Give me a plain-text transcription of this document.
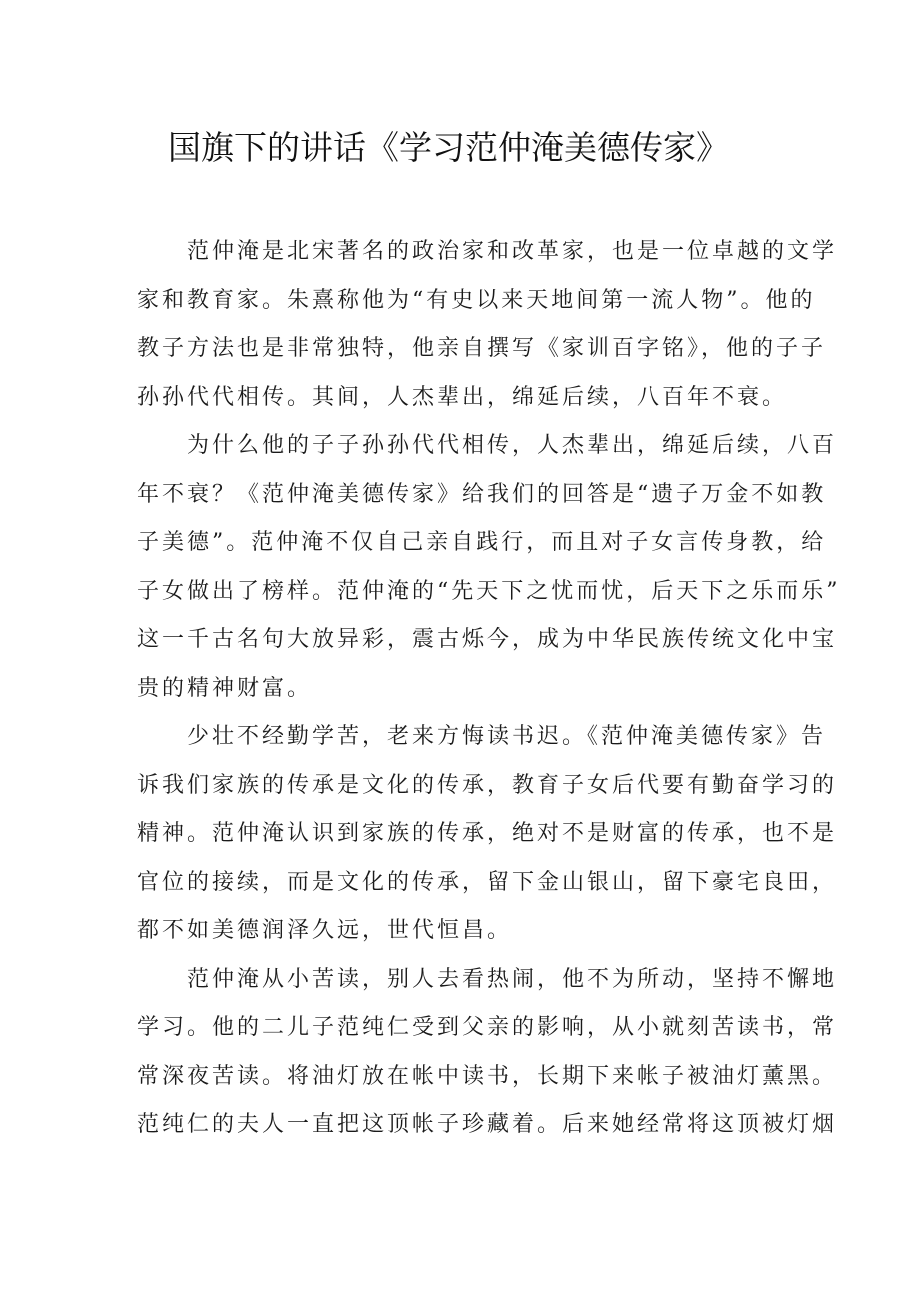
国旗下的讲话《学习范仲淹美德传家》

范仲淹是北宋著名的政治家和改革家，也是一位卓越的文学
家和教育家。朱熹称他为“有史以来天地间第一流人物”。他的
教子方法也是非常独特，他亲自撰写《家训百字铭》，他的子子
孙孙代代相传。其间，人杰辈出，绵延后续，八百年不衰。

为什么他的子子孙孙代代相传，人杰辈出，绵延后续，八百
年不衰？《范仲淹美德传家》给我们的回答是“遗子万金不如教
子美德”。范仲淹不仅自己亲自践行，而且对子女言传身教，给
子女做出了榜样。范仲淹的“先天下之忧而忧，后天下之乐而乐”
这一千古名句大放异彩，震古烁今，成为中华民族传统文化中宝
贵的精神财富。

少壮不经勤学苦，老来方悔读书迟。《范仲淹美德传家》告
诉我们家族的传承是文化的传承，教育子女后代要有勤奋学习的
精神。范仲淹认识到家族的传承，绝对不是财富的传承，也不是
官位的接续，而是文化的传承，留下金山银山，留下豪宅良田，
都不如美德润泽久远，世代恒昌。

范仲淹从小苦读，别人去看热闹，他不为所动，坚持不懈地
学习。他的二儿子范纯仁受到父亲的影响，从小就刻苦读书，常
常深夜苦读。将油灯放在帐中读书，长期下来帐子被油灯薰黑。
范纯仁的夫人一直把这顶帐子珍藏着。后来她经常将这顶被灯烟
